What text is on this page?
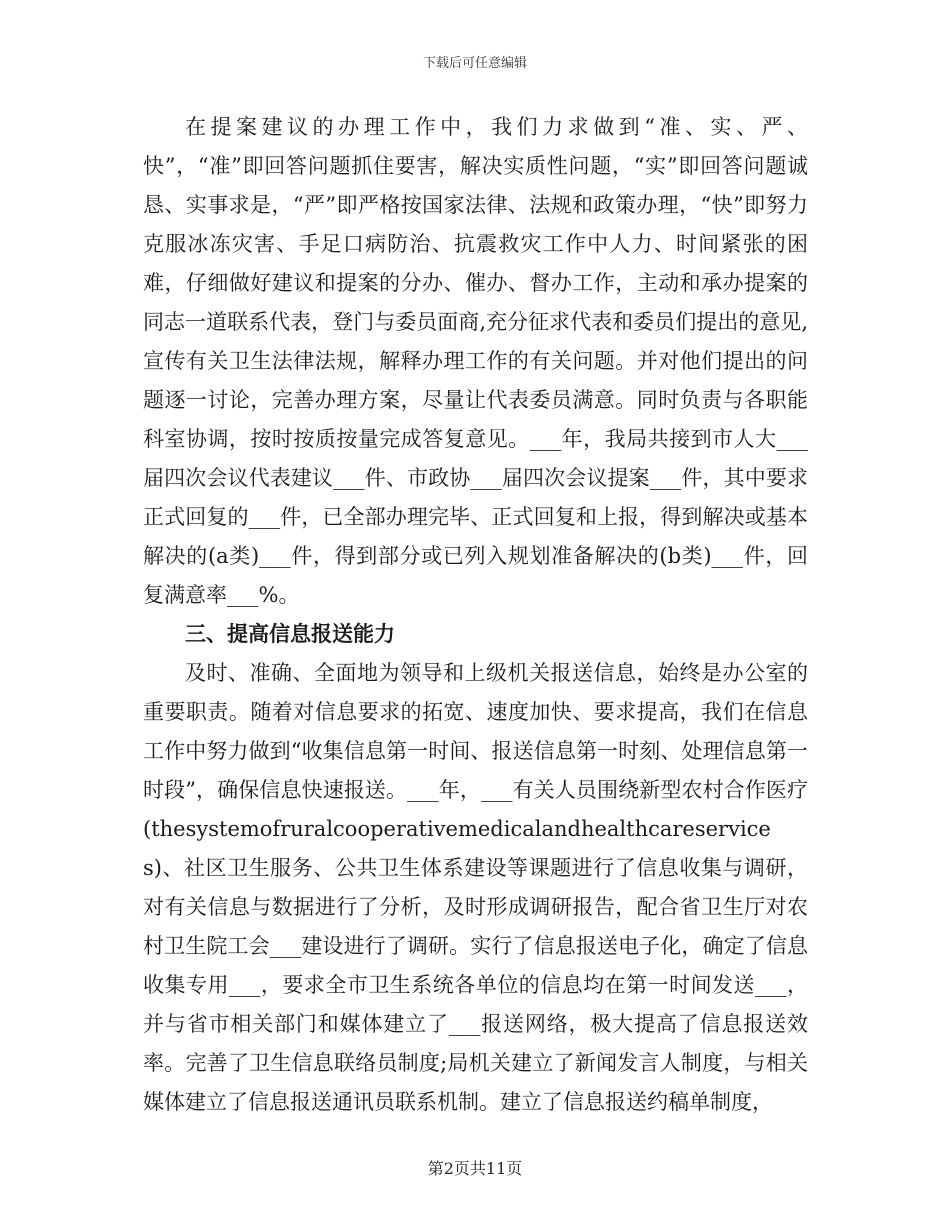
下载后可任意编辑

在提案建议的办理工作中，我们力求做到“准、实、严、快”，“准”即回答问题抓住要害，解决实质性问题，“实”即回答问题诚恳、实事求是，“严”即严格按国家法律、法规和政策办理，“快”即努力克服冰冻灾害、手足口病防治、抗震救灾工作中人力、时间紧张的困难，仔细做好建议和提案的分办、催办、督办工作，主动和承办提案的同志一道联系代表，登门与委员面商,充分征求代表和委员们提出的意见,宣传有关卫生法律法规，解释办理工作的有关问题。并对他们提出的问题逐一讨论，完善办理方案，尽量让代表委员满意。同时负责与各职能科室协调，按时按质按量完成答复意见。___年，我局共接到市人大___届四次会议代表建议___件、市政协___届四次会议提案___件，其中要求正式回复的___件，已全部办理完毕、正式回复和上报，得到解决或基本解决的(a类)___件，得到部分或已列入规划准备解决的(b类)___件，回复满意率___%。

三、提高信息报送能力

及时、准确、全面地为领导和上级机关报送信息，始终是办公室的重要职责。随着对信息要求的拓宽、速度加快、要求提高，我们在信息工作中努力做到“收集信息第一时间、报送信息第一时刻、处理信息第一时段”，确保信息快速报送。___年，___有关人员围绕新型农村合作医疗(thesystemofruralcooperativemedicalandhealthcareservices)、社区卫生服务、公共卫生体系建设等课题进行了信息收集与调研，对有关信息与数据进行了分析，及时形成调研报告，配合省卫生厅对农村卫生院工会___建设进行了调研。实行了信息报送电子化，确定了信息收集专用___，要求全市卫生系统各单位的信息均在第一时间发送___，并与省市相关部门和媒体建立了___报送网络，极大提高了信息报送效率。完善了卫生信息联络员制度;局机关建立了新闻发言人制度，与相关媒体建立了信息报送通讯员联系机制。建立了信息报送约稿单制度，

第2页共11页
